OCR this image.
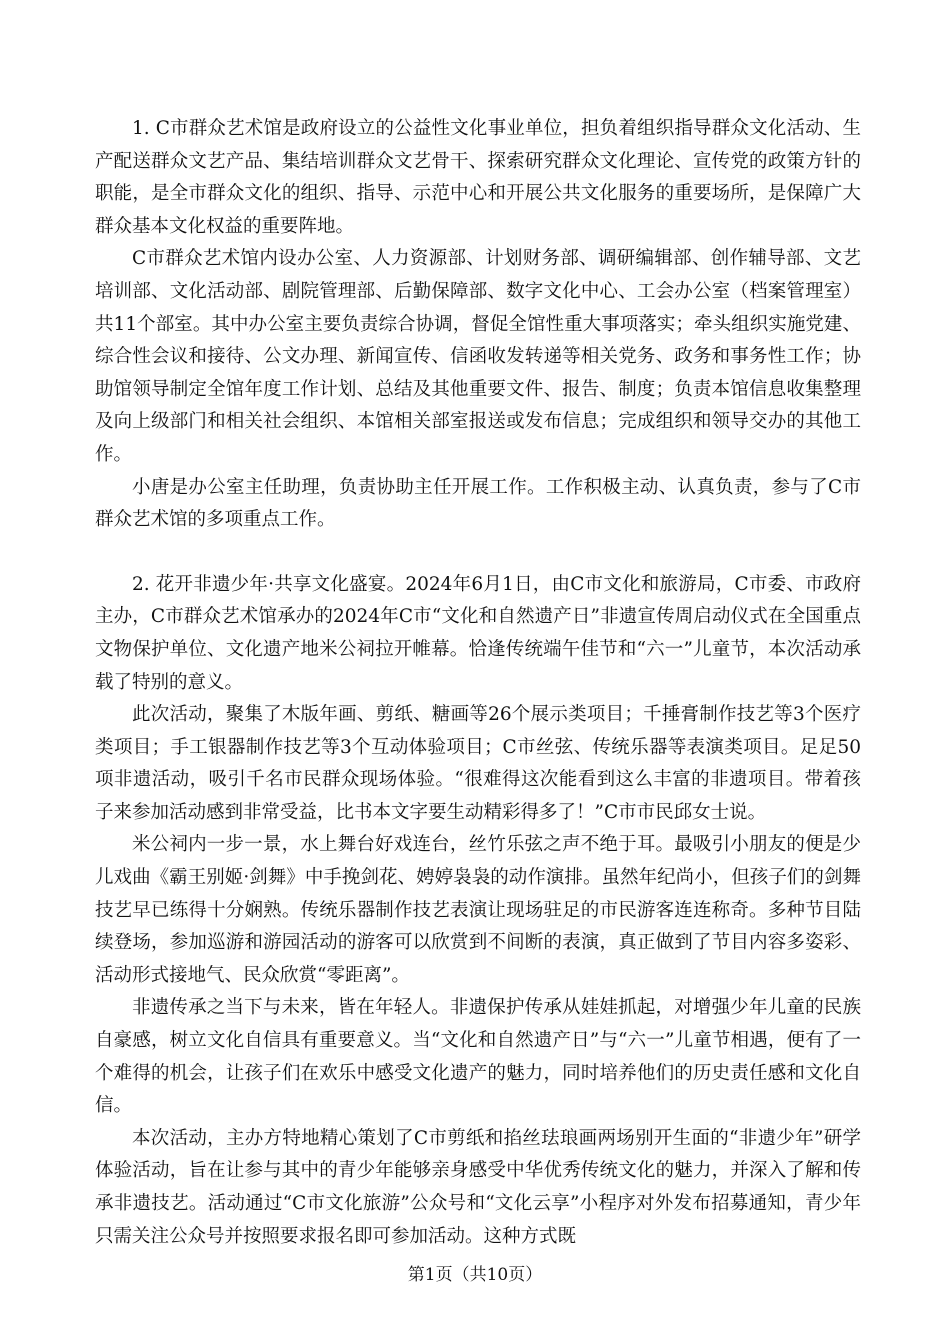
1. C市群众艺术馆是政府设立的公益性文化事业单位，担负着组织指导群众文化活动、生产配送群众文艺产品、集结培训群众文艺骨干、探索研究群众文化理论、宣传党的政策方针的职能，是全市群众文化的组织、指导、示范中心和开展公共文化服务的重要场所，是保障广大群众基本文化权益的重要阵地。

C市群众艺术馆内设办公室、人力资源部、计划财务部、调研编辑部、创作辅导部、文艺培训部、文化活动部、剧院管理部、后勤保障部、数字文化中心、工会办公室（档案管理室）共11个部室。其中办公室主要负责综合协调，督促全馆性重大事项落实；牵头组织实施党建、综合性会议和接待、公文办理、新闻宣传、信函收发转递等相关党务、政务和事务性工作；协助馆领导制定全馆年度工作计划、总结及其他重要文件、报告、制度；负责本馆信息收集整理及向上级部门和相关社会组织、本馆相关部室报送或发布信息；完成组织和领导交办的其他工作。

小唐是办公室主任助理，负责协助主任开展工作。工作积极主动、认真负责，参与了C市群众艺术馆的多项重点工作。

2. 花开非遗少年·共享文化盛宴。2024年6月1日，由C市文化和旅游局，C市委、市政府主办，C市群众艺术馆承办的2024年C市“文化和自然遗产日”非遗宣传周启动仪式在全国重点文物保护单位、文化遗产地米公祠拉开帷幕。恰逢传统端午佳节和“六一”儿童节，本次活动承载了特别的意义。

此次活动，聚集了木版年画、剪纸、糖画等26个展示类项目；千捶膏制作技艺等3个医疗类项目；手工银器制作技艺等3个互动体验项目；C市丝弦、传统乐器等表演类项目。足足50项非遗活动，吸引千名市民群众现场体验。“很难得这次能看到这么丰富的非遗项目。带着孩子来参加活动感到非常受益，比书本文字要生动精彩得多了！”C市市民邱女士说。

米公祠内一步一景，水上舞台好戏连台，丝竹乐弦之声不绝于耳。最吸引小朋友的便是少儿戏曲《霸王别姬·剑舞》中手挽剑花、娉婷袅袅的动作演排。虽然年纪尚小，但孩子们的剑舞技艺早已练得十分娴熟。传统乐器制作技艺表演让现场驻足的市民游客连连称奇。多种节目陆续登场，参加巡游和游园活动的游客可以欣赏到不间断的表演，真正做到了节目内容多姿彩、活动形式接地气、民众欣赏“零距离”。

非遗传承之当下与未来，皆在年轻人。非遗保护传承从娃娃抓起，对增强少年儿童的民族自豪感，树立文化自信具有重要意义。当“文化和自然遗产日”与“六一”儿童节相遇，便有了一个难得的机会，让孩子们在欢乐中感受文化遗产的魅力，同时培养他们的历史责任感和文化自信。

本次活动，主办方特地精心策划了C市剪纸和掐丝珐琅画两场别开生面的“非遗少年”研学体验活动，旨在让参与其中的青少年能够亲身感受中华优秀传统文化的魅力，并深入了解和传承非遗技艺。活动通过“C市文化旅游”公众号和“文化云享”小程序对外发布招募通知，青少年只需关注公众号并按照要求报名即可参加活动。这种方式既

第1页（共10页）
